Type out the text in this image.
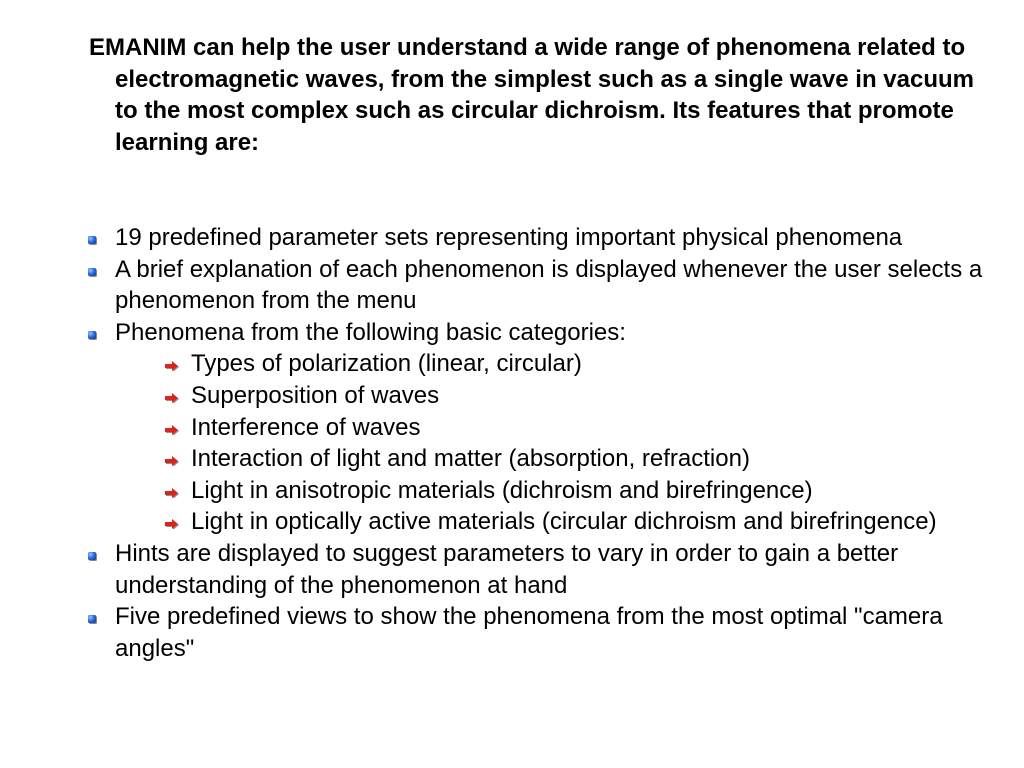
EMANIM can help the user understand a wide range of phenomena related to electromagnetic waves, from the simplest such as a single wave in vacuum to the most complex such as circular dichroism. Its features that promote learning are:

19 predefined parameter sets representing important physical phenomena
A brief explanation of each phenomenon is displayed whenever the user selects a phenomenon from the menu
Phenomena from the following basic categories:
Types of polarization (linear, circular)
Superposition of waves
Interference of waves
Interaction of light and matter (absorption, refraction)
Light in anisotropic materials (dichroism and birefringence)
Light in optically active materials (circular dichroism and birefringence)
Hints are displayed to suggest parameters to vary in order to gain a better understanding of the phenomenon at hand
Five predefined views to show the phenomena from the most optimal "camera angles"
